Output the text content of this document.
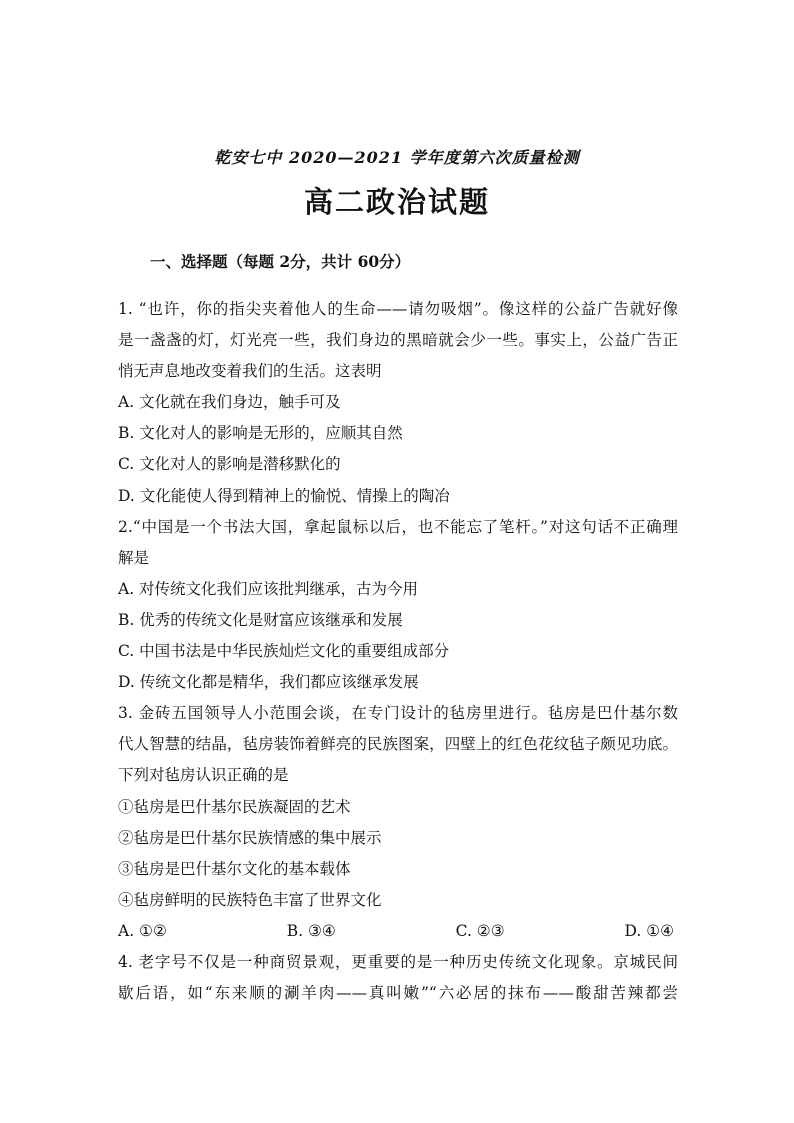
乾安七中 2020—2021 学年度第六次质量检测
高二政治试题
一、选择题（每题 2分，共计 60分）
1. “也许，你的指尖夹着他人的生命——请勿吸烟”。像这样的公益广告就好像
是一盏盏的灯，灯光亮一些，我们身边的黑暗就会少一些。事实上，公益广告正
悄无声息地改变着我们的生活。这表明
A. 文化就在我们身边，触手可及
B. 文化对人的影响是无形的，应顺其自然
C. 文化对人的影响是潜移默化的
D. 文化能使人得到精神上的愉悦、情操上的陶冶
2.“中国是一个书法大国，拿起鼠标以后，也不能忘了笔杆。”对这句话不正确理
解是
A. 对传统文化我们应该批判继承，古为今用
B. 优秀的传统文化是财富应该继承和发展
C. 中国书法是中华民族灿烂文化的重要组成部分
D. 传统文化都是精华，我们都应该继承发展
3. 金砖五国领导人小范围会谈，在专门设计的毡房里进行。毡房是巴什基尔数
代人智慧的结晶，毡房装饰着鲜亮的民族图案，四壁上的红色花纹毡子颇见功底。
下列对毡房认识正确的是
①毡房是巴什基尔民族凝固的艺术
②毡房是巴什基尔民族情感的集中展示
③毡房是巴什基尔文化的基本载体
④毡房鲜明的民族特色丰富了世界文化
A. ①②	B. ③④	C. ②③	D. ①④
4. 老字号不仅是一种商贸景观，更重要的是一种历史传统文化现象。京城民间
歇后语，如“东来顺的涮羊肉——真叫嫩”“六必居的抹布——酸甜苦辣都尝
